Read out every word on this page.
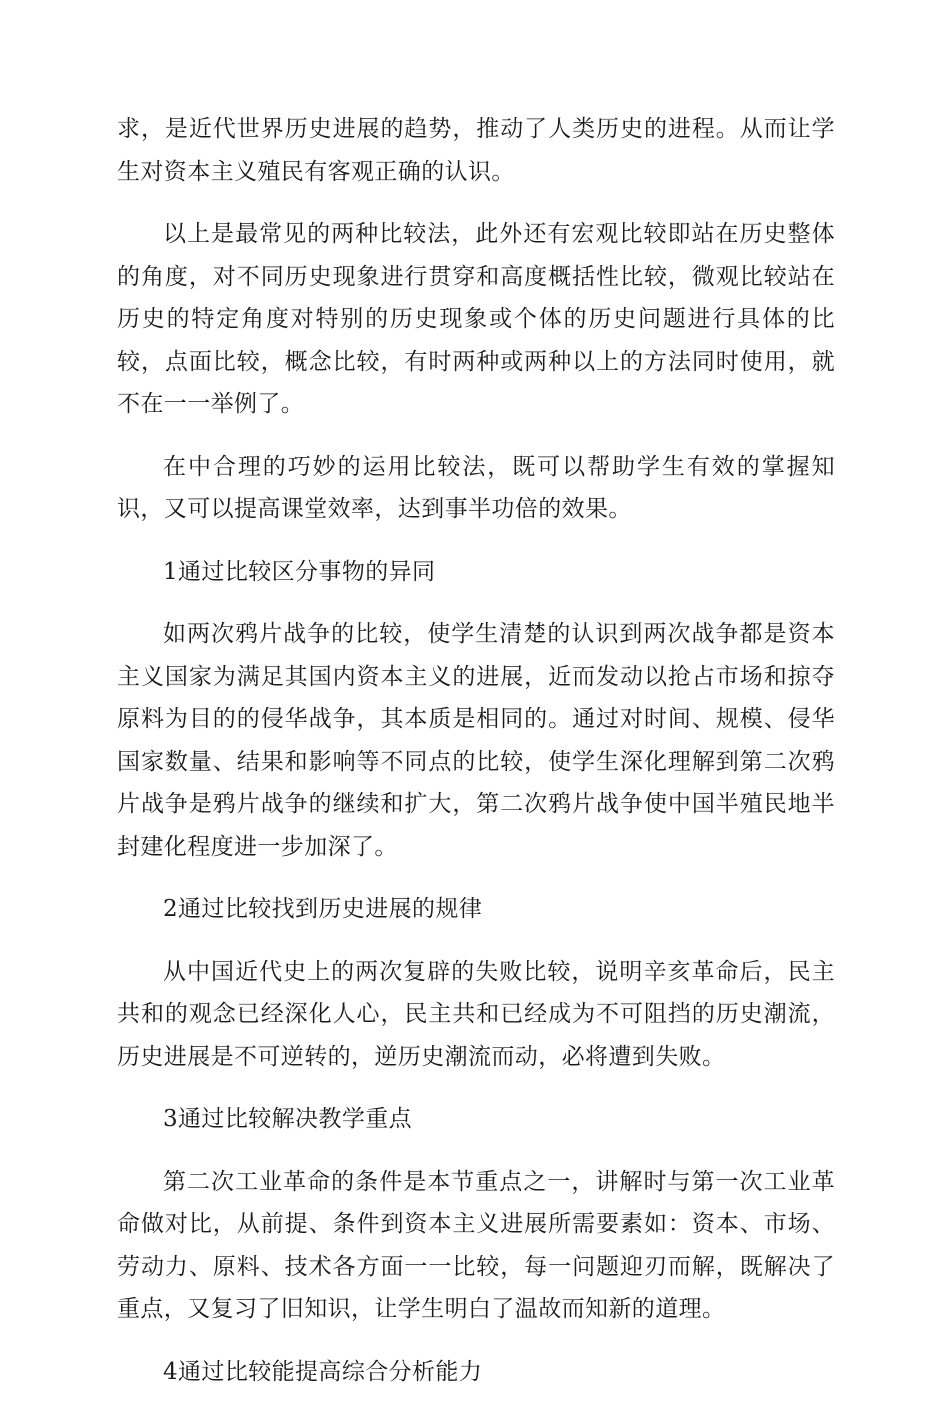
求，是近代世界历史进展的趋势，推动了人类历史的进程。从而让学生对资本主义殖民有客观正确的认识。

以上是最常见的两种比较法，此外还有宏观比较即站在历史整体的角度，对不同历史现象进行贯穿和高度概括性比较，微观比较站在历史的特定角度对特别的历史现象或个体的历史问题进行具体的比较，点面比较，概念比较，有时两种或两种以上的方法同时使用，就不在一一举例了。

在中合理的巧妙的运用比较法，既可以帮助学生有效的掌握知识，又可以提高课堂效率，达到事半功倍的效果。

1通过比较区分事物的异同

如两次鸦片战争的比较，使学生清楚的认识到两次战争都是资本主义国家为满足其国内资本主义的进展，近而发动以抢占市场和掠夺原料为目的的侵华战争，其本质是相同的。通过对时间、规模、侵华国家数量、结果和影响等不同点的比较，使学生深化理解到第二次鸦片战争是鸦片战争的继续和扩大，第二次鸦片战争使中国半殖民地半封建化程度进一步加深了。

2通过比较找到历史进展的规律

从中国近代史上的两次复辟的失败比较，说明辛亥革命后，民主共和的观念已经深化人心，民主共和已经成为不可阻挡的历史潮流，历史进展是不可逆转的，逆历史潮流而动，必将遭到失败。

3通过比较解决教学重点

第二次工业革命的条件是本节重点之一，讲解时与第一次工业革命做对比，从前提、条件到资本主义进展所需要素如：资本、市场、劳动力、原料、技术各方面一一比较，每一问题迎刃而解，既解决了重点，又复习了旧知识，让学生明白了温故而知新的道理。

4通过比较能提高综合分析能力
